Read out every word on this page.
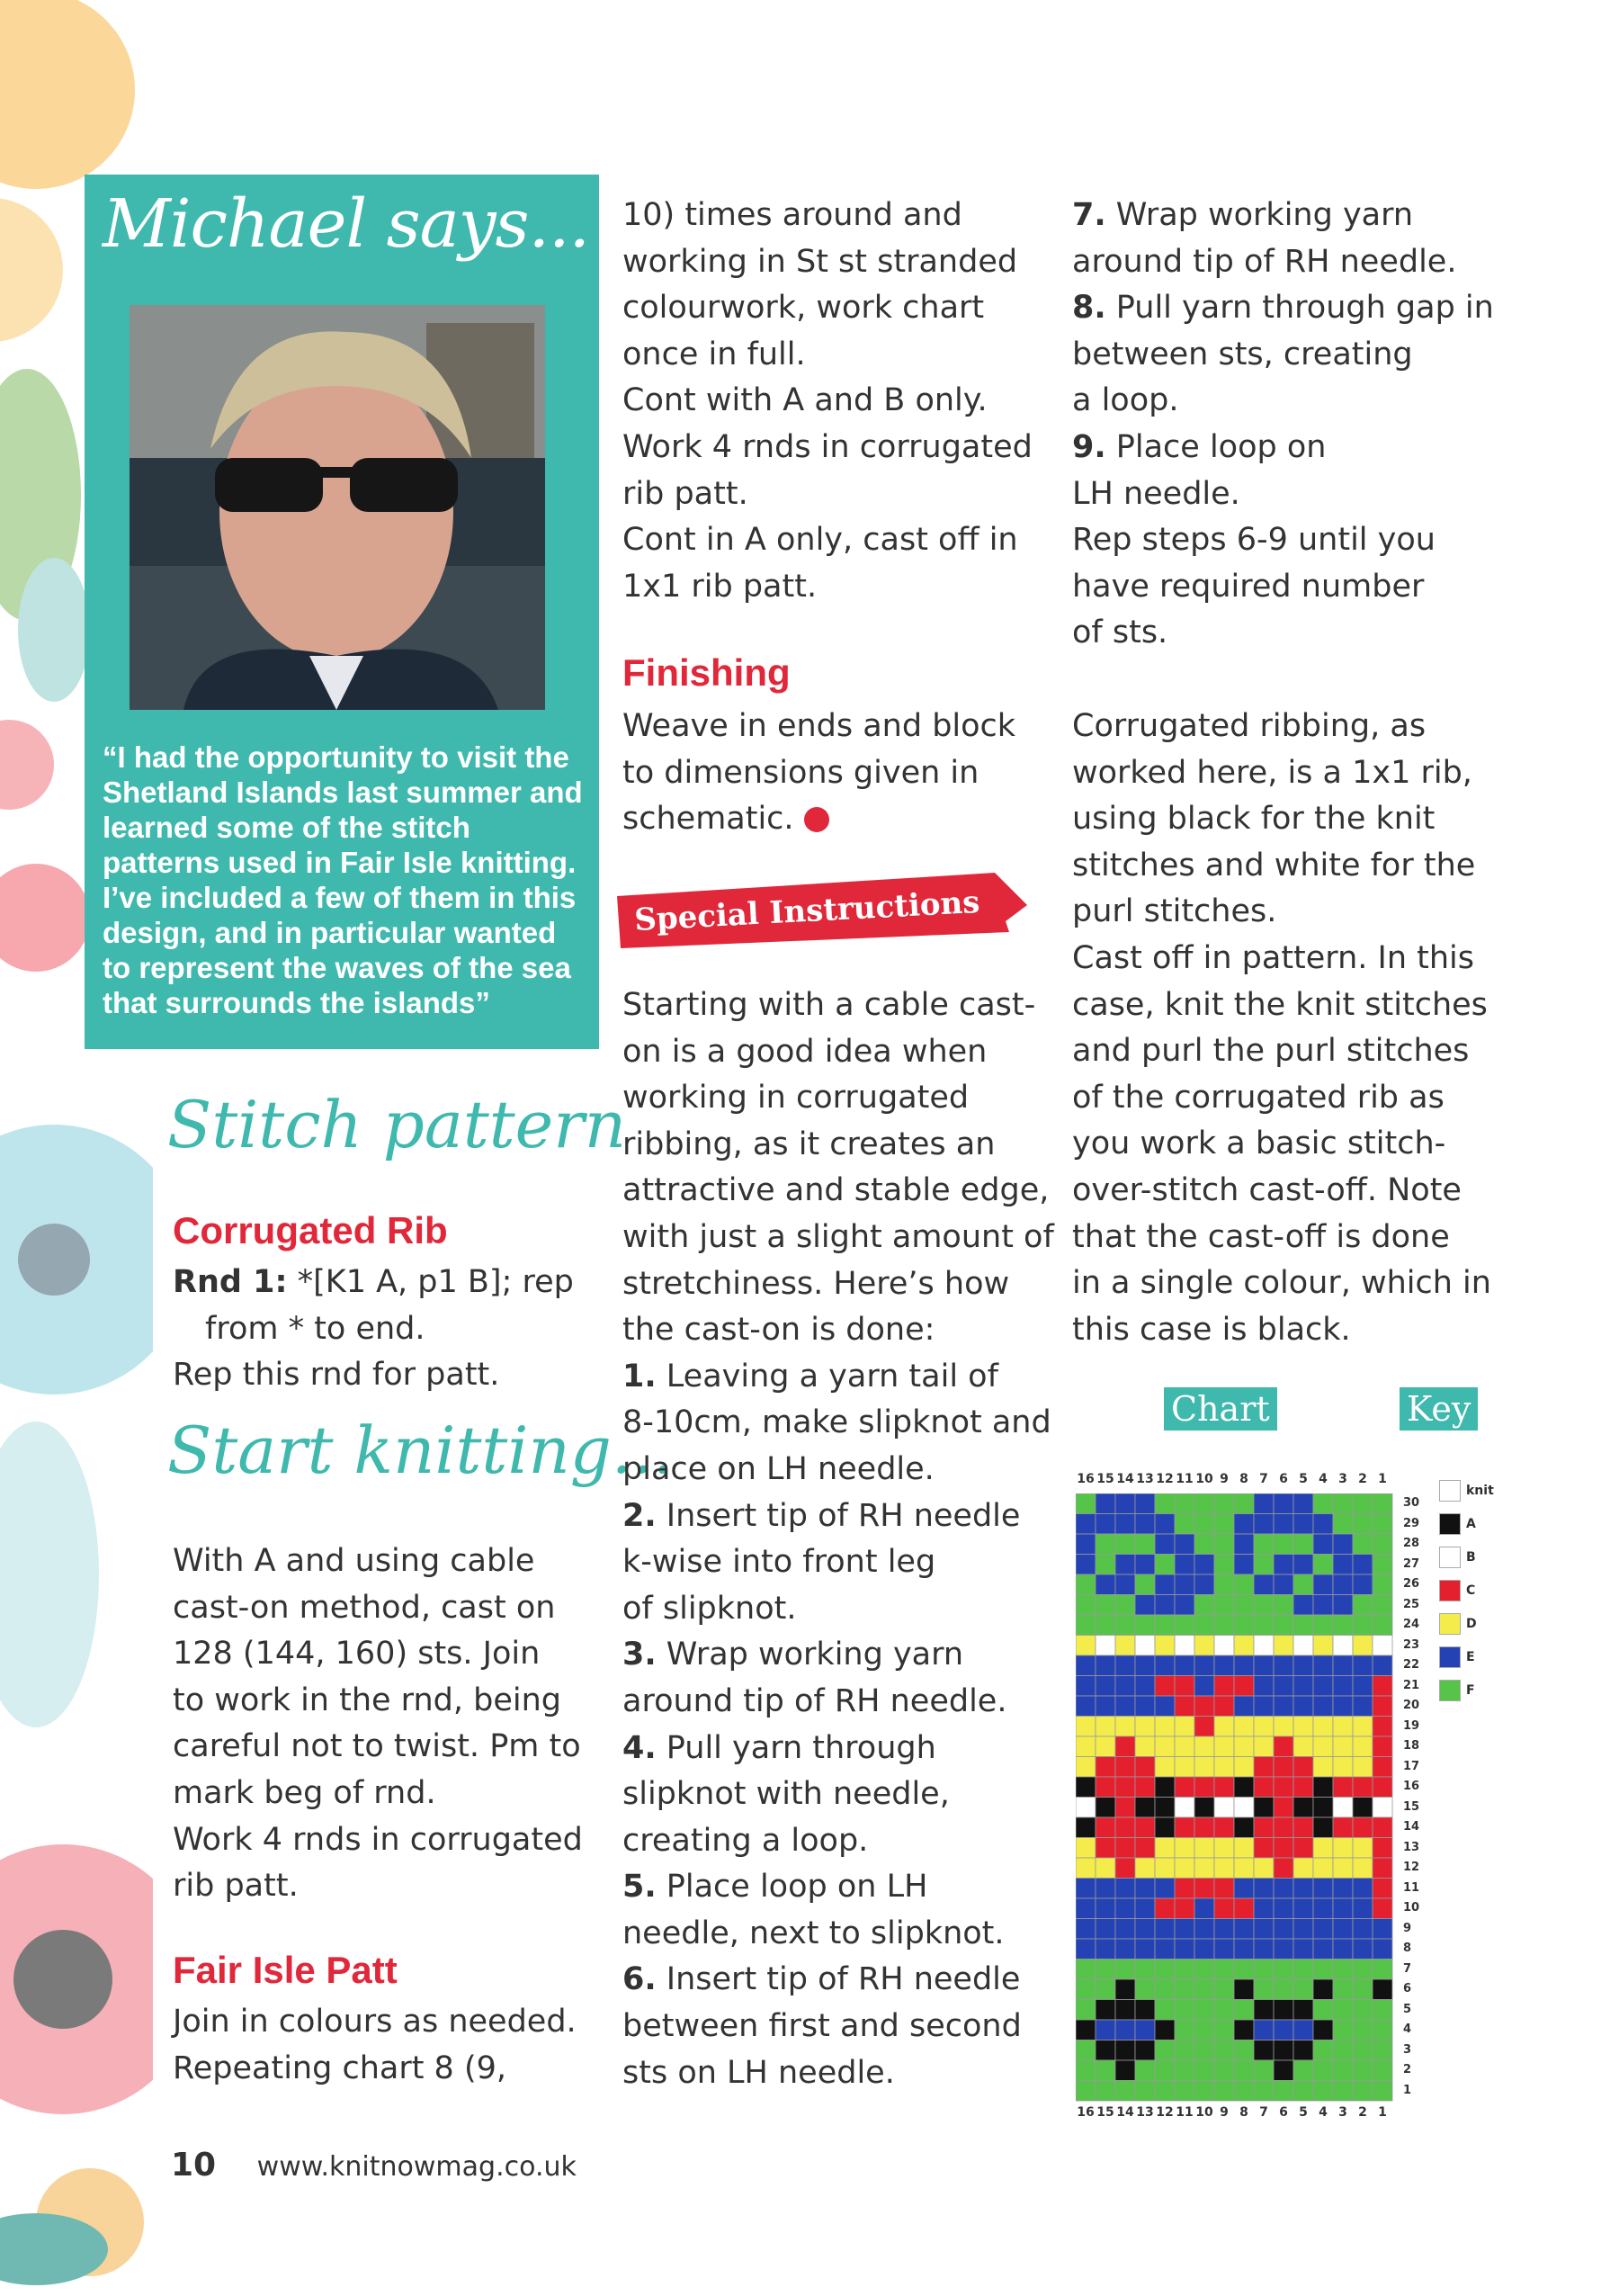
Michael says...
“I had the opportunity to visit the Shetland Islands last summer and learned some of the stitch patterns used in Fair Isle knitting. I’ve included a few of them in this design, and in particular wanted to represent the waves of the sea that surrounds the islands”
Stitch pattern
Corrugated Rib

Rnd 1: *[K1 A, p1 B]; rep

from * to end.

Rep this rnd for patt.

Start knitting...

With A and using cable

cast-on method, cast on

128 (144, 160) sts. Join

to work in the rnd, being

careful not to twist. Pm to

mark beg of rnd.

Work 4 rnds in corrugated

rib patt.

Fair Isle Patt

Join in colours as needed.

Repeating chart 8 (9,

10) times around and

working in St st stranded

colourwork, work chart

once in full.

Cont with A and B only.

Work 4 rnds in corrugated

rib patt.

Cont in A only, cast off in

1x1 rib patt.

Finishing

Weave in ends and block

to dimensions given in

schematic.

Special Instructions

Starting with a cable cast-

on is a good idea when

working in corrugated

ribbing, as it creates an

attractive and stable edge,

with just a slight amount of

stretchiness. Here’s how

the cast-on is done:

1. Leaving a yarn tail of

8-10cm, make slipknot and

place on LH needle.

2. Insert tip of RH needle

k-wise into front leg

of slipknot.

3. Wrap working yarn

around tip of RH needle.

4. Pull yarn through

slipknot with needle,

creating a loop.

5. Place loop on LH

needle, next to slipknot.

6. Insert tip of RH needle

between first and second

sts on LH needle.

7. Wrap working yarn

around tip of RH needle.

8. Pull yarn through gap in

between sts, creating

a loop.

9. Place loop on

LH needle.

Rep steps 6-9 until you

have required number

of sts.

Corrugated ribbing, as

worked here, is a 1x1 rib,

using black for the knit

stitches and white for the

purl stitches.

Cast off in pattern. In this

case, knit the knit stitches

and purl the purl stitches

of the corrugated rib as

you work a basic stitch-

over-stitch cast-off. Note

that the cast-off is done

in a single colour, which in

this case is black.

Chart	Key
16 15 14 13 12 11 10 9 8 7 6 5 4 3 2 1
30
29
28
27
26
25
24
23
22
21
20
19
18
17
16
15
14
13
12
11
10
9
8
7
6
5
4
3
2
1
16 15 14 13 12 11 10 9 8 7 6 5 4 3 2 1
knit
A
B
C
D
E
F
10 www.knitnowmag.co.uk
